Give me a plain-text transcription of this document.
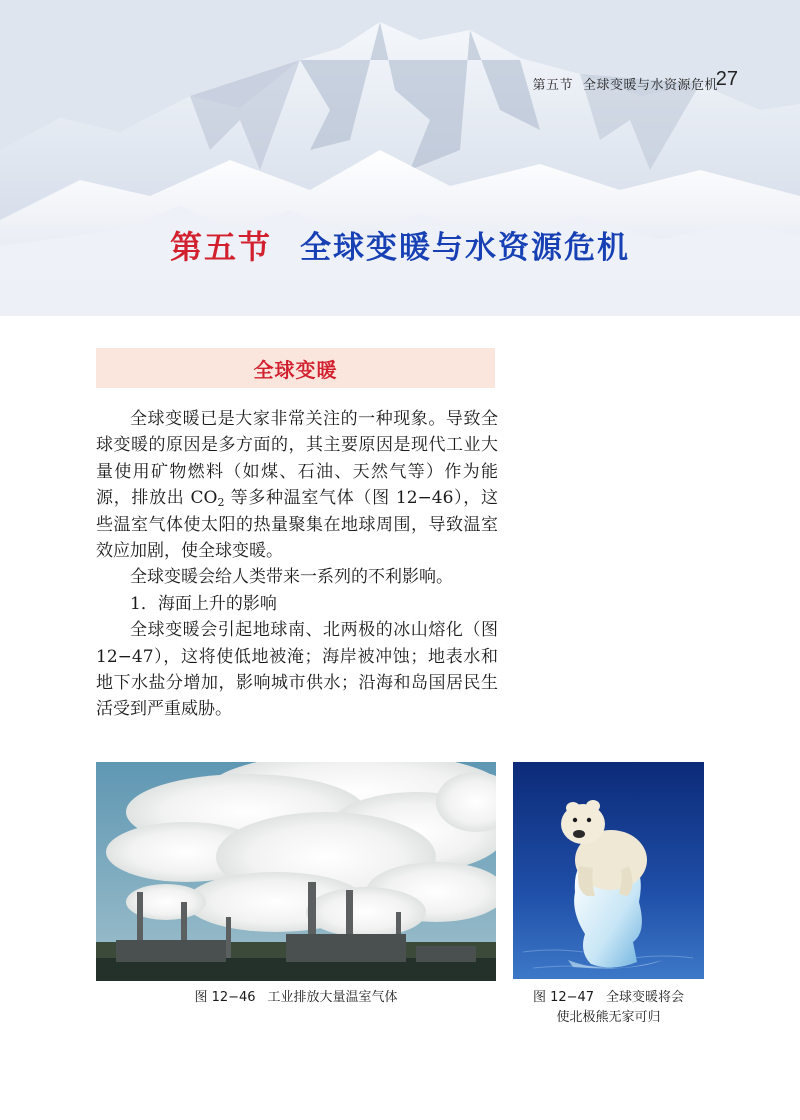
第五节 全球变暖与水资源危机
27
第五节 全球变暖与水资源危机
全球变暖

全球变暖已是大家非常关注的一种现象。导致全球变暖的原因是多方面的，其主要原因是现代工业大量使用矿物燃料（如煤、石油、天然气等）作为能源，排放出 $CO_2$ 等多种温室气体（图 12−46），这些温室气体使太阳的热量聚集在地球周围，导致温室效应加剧，使全球变暖。

全球变暖会给人类带来一系列的不利影响。

1．海面上升的影响

全球变暖会引起地球南、北两极的冰山熔化（图 12−47），这将使低地被淹；海岸被冲蚀；地表水和地下水盐分增加，影响城市供水；沿海和岛国居民生活受到严重威胁。

图 12−46 工业排放大量温室气体	图 12−47 全球变暖将会
使北极熊无家可归
